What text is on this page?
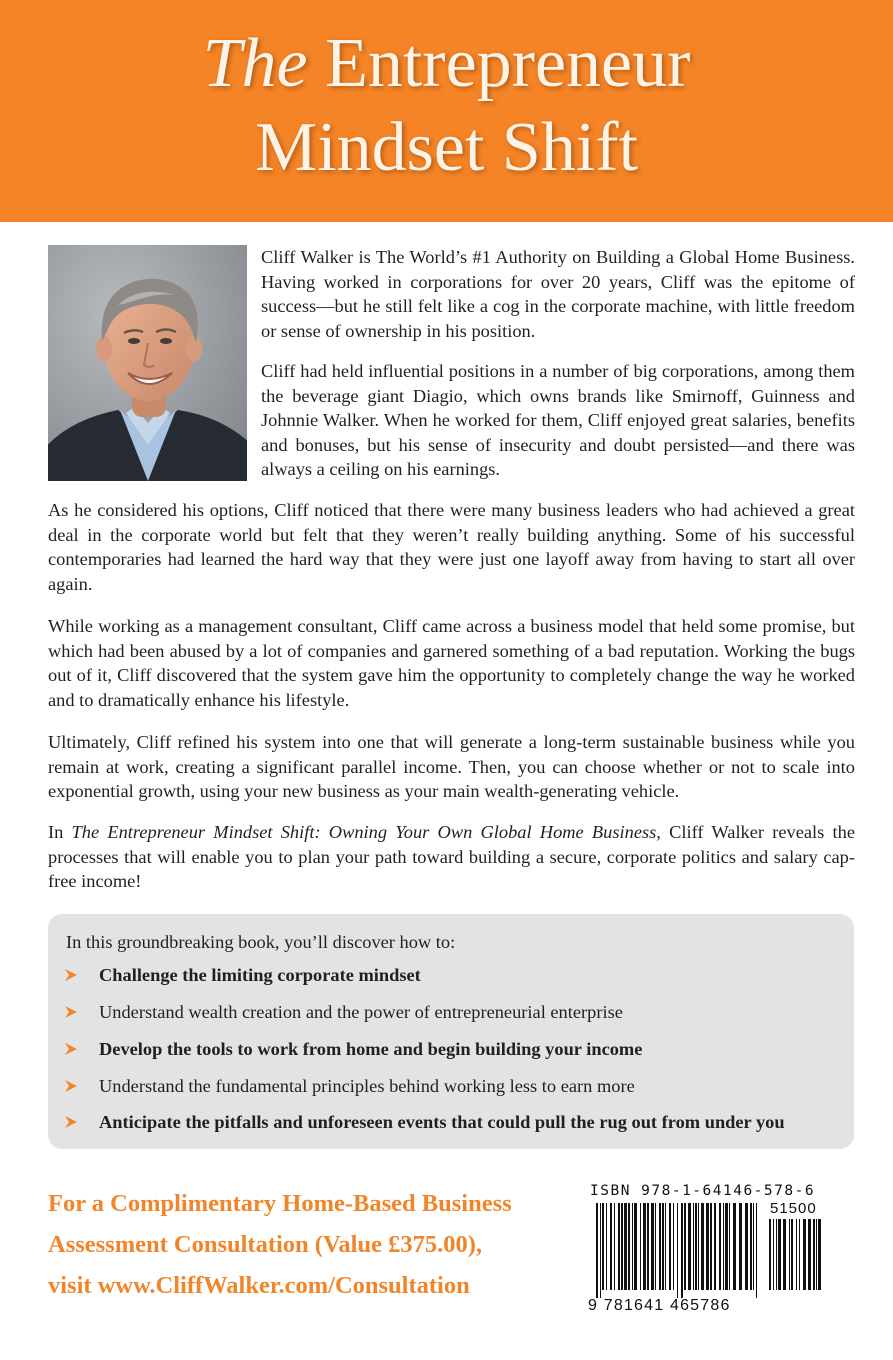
The Entrepreneur
Mindset Shift

Cliff Walker is The World’s #1 Authority on Building a Global Home Business. Having worked in corporations for over 20 years, Cliff was the epitome of success—but he still felt like a cog in the corporate machine, with little freedom or sense of ownership in his position.

Cliff had held influential positions in a number of big corporations, among them the beverage giant Diagio, which owns brands like Smirnoff, Guinness and Johnnie Walker. When he worked for them, Cliff enjoyed great salaries, benefits and bonuses, but his sense of insecurity and doubt persisted—and there was always a ceiling on his earnings.

As he considered his options, Cliff noticed that there were many business leaders who had achieved a great deal in the corporate world but felt that they weren’t really building anything. Some of his successful contemporaries had learned the hard way that they were just one layoff away from having to start all over again.

While working as a management consultant, Cliff came across a business model that held some promise, but which had been abused by a lot of companies and garnered something of a bad reputation. Working the bugs out of it, Cliff discovered that the system gave him the opportunity to completely change the way he worked and to dramatically enhance his lifestyle.

Ultimately, Cliff refined his system into one that will generate a long-term sustainable business while you remain at work, creating a significant parallel income. Then, you can choose whether or not to scale into exponential growth, using your new business as your main wealth-generating vehicle.

In The Entrepreneur Mindset Shift: Owning Your Own Global Home Business, Cliff Walker reveals the processes that will enable you to plan your path toward building a secure, corporate politics and salary cap-free income!

In this groundbreaking book, you’ll discover how to:
Challenge the limiting corporate mindset
Understand wealth creation and the power of entrepreneurial enterprise
Develop the tools to work from home and begin building your income
Understand the fundamental principles behind working less to earn more
Anticipate the pitfalls and unforeseen events that could pull the rug out from under you
For a Complimentary Home-Based Business
Assessment Consultation (Value £375.00),
visit www.CliffWalker.com/Consultation
ISBN 978-1-64146-578-6
51500
9 781641 465786
